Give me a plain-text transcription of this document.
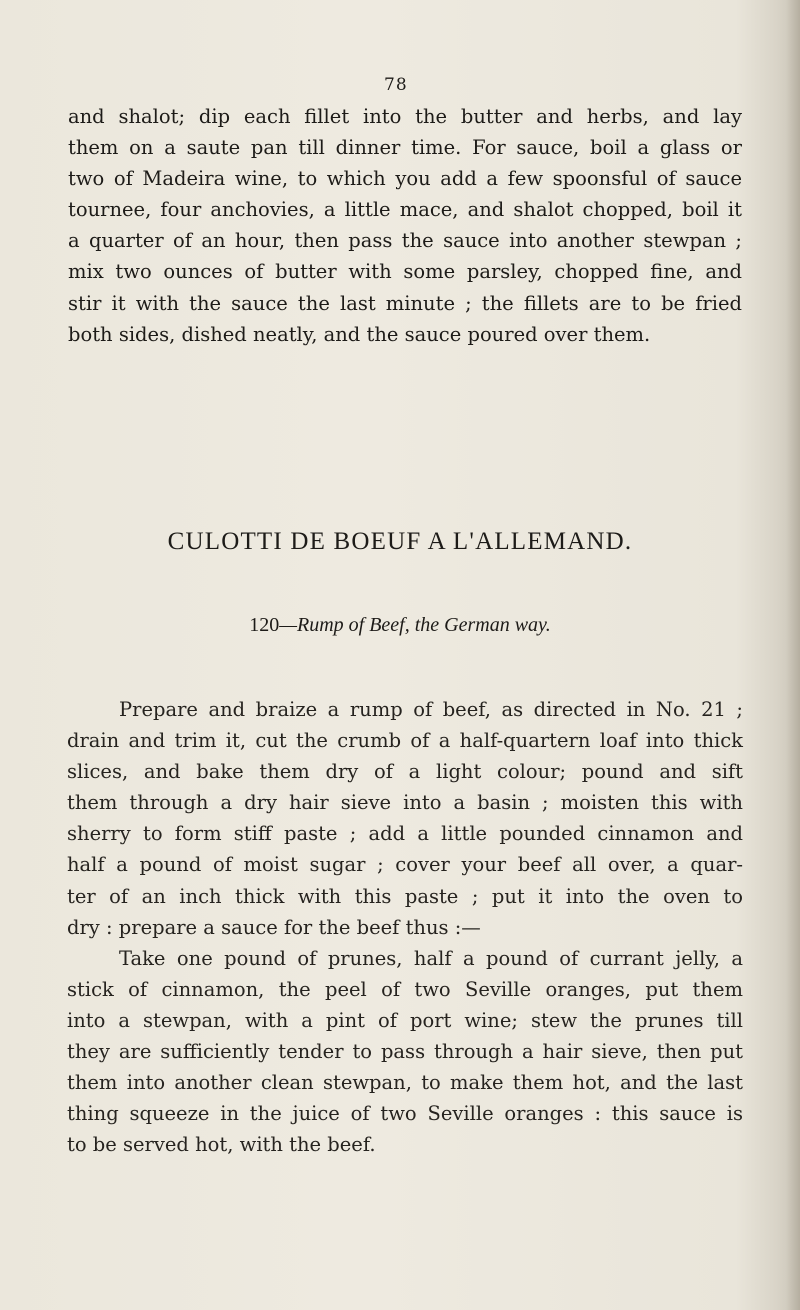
78

and shalot; dip each fillet into the butter and herbs, and lay
them on a saute pan till dinner time. For sauce, boil a glass or
two of Madeira wine, to which you add a few spoonsful of sauce
tournee, four anchovies, a little mace, and shalot chopped, boil it
a quarter of an hour, then pass the sauce into another stewpan ;
mix two ounces of butter with some parsley, chopped fine, and
stir it with the sauce the last minute ; the fillets are to be fried
both sides, dished neatly, and the sauce poured over them.

CULOTTI DE BOEUF A L'ALLEMAND.
120—Rump of Beef, the German way.

Prepare and braize a rump of beef, as directed in No. 21 ;
drain and trim it, cut the crumb of a half-quartern loaf into thick
slices, and bake them dry of a light colour; pound and sift
them through a dry hair sieve into a basin ; moisten this with
sherry to form stiff paste ; add a little pounded cinnamon and
half a pound of moist sugar ; cover your beef all over, a quar-
ter of an inch thick with this paste ; put it into the oven to
dry : prepare a sauce for the beef thus :—
Take one pound of prunes, half a pound of currant jelly, a
stick of cinnamon, the peel of two Seville oranges, put them
into a stewpan, with a pint of port wine; stew the prunes till
they are sufficiently tender to pass through a hair sieve, then put
them into another clean stewpan, to make them hot, and the last
thing squeeze in the juice of two Seville oranges : this sauce is
to be served hot, with the beef.
